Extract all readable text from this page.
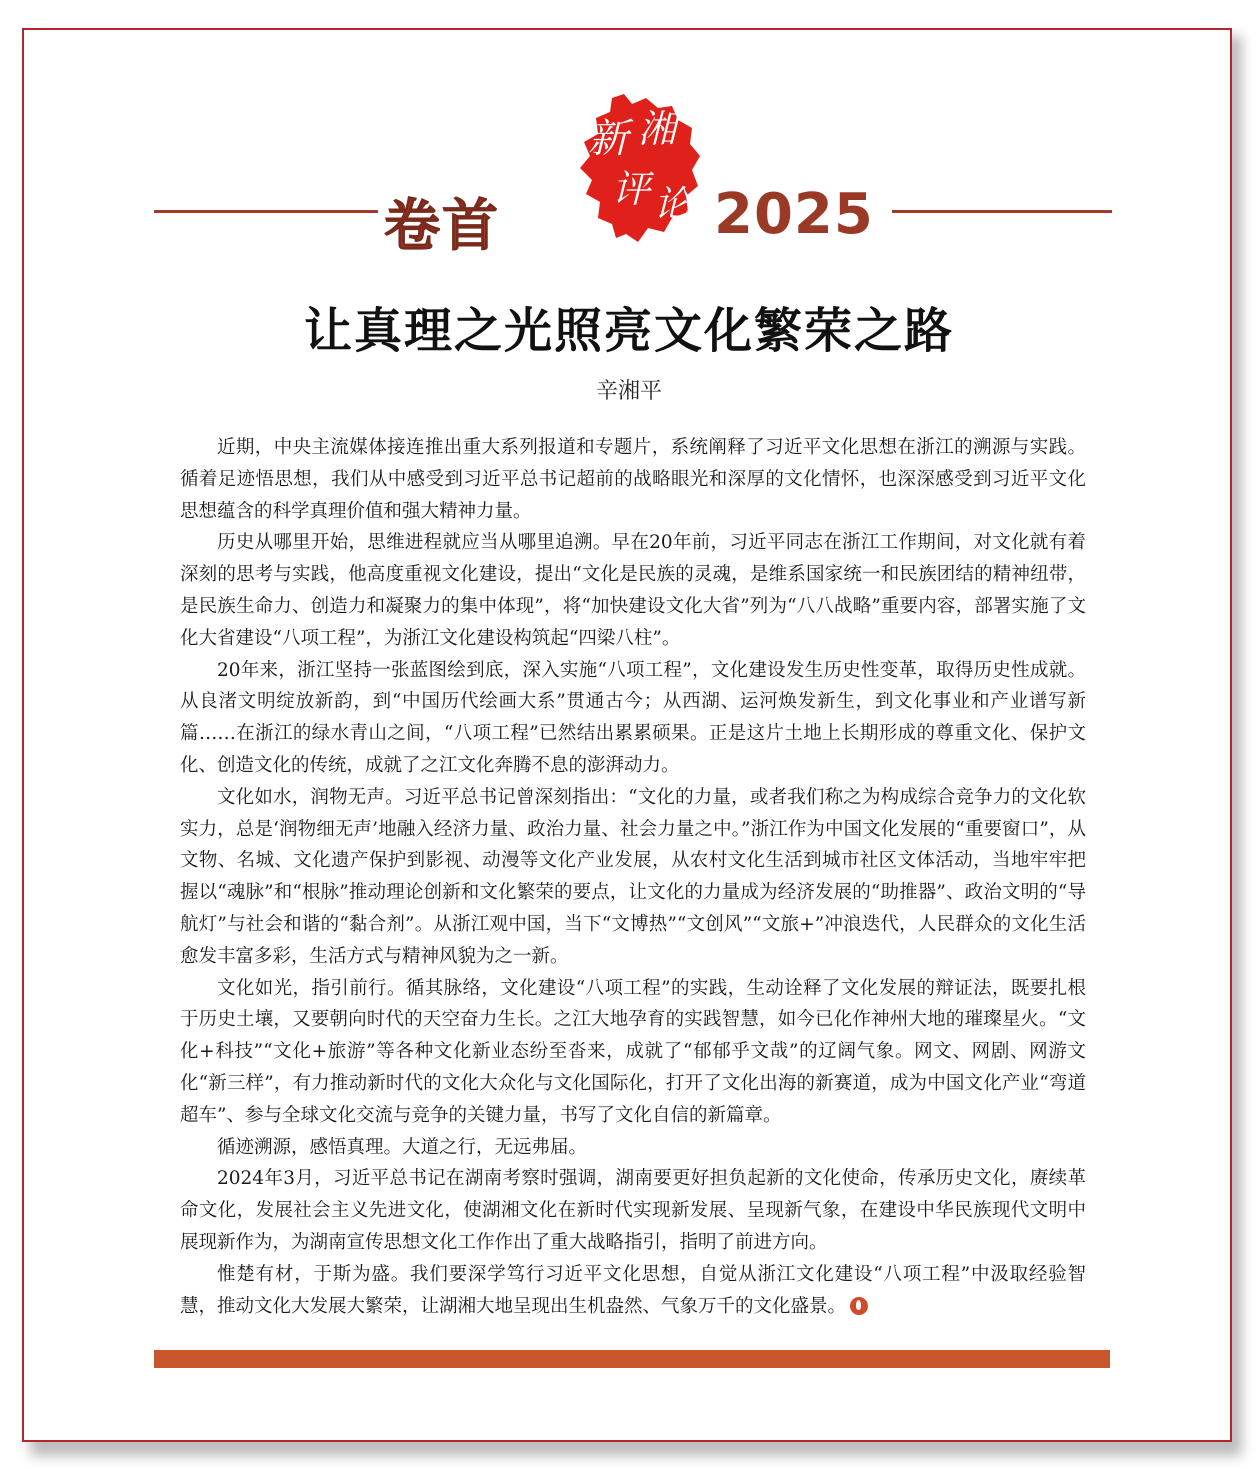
卷首
新 湘
评 论 2025
让真理之光照亮文化繁荣之路
辛湘平

近期，中央主流媒体接连推出重大系列报道和专题片，系统阐释了习近平文化思想在浙江的溯源与实践。循着足迹悟思想，我们从中感受到习近平总书记超前的战略眼光和深厚的文化情怀，也深深感受到习近平文化思想蕴含的科学真理价值和强大精神力量。

历史从哪里开始，思维进程就应当从哪里追溯。早在20年前，习近平同志在浙江工作期间，对文化就有着深刻的思考与实践，他高度重视文化建设，提出“文化是民族的灵魂，是维系国家统一和民族团结的精神纽带，是民族生命力、创造力和凝聚力的集中体现”，将“加快建设文化大省”列为“八八战略”重要内容，部署实施了文化大省建设“八项工程”，为浙江文化建设构筑起“四梁八柱”。

20年来，浙江坚持一张蓝图绘到底，深入实施“八项工程”，文化建设发生历史性变革，取得历史性成就。从良渚文明绽放新韵，到“中国历代绘画大系”贯通古今；从西湖、运河焕发新生，到文化事业和产业谱写新篇……在浙江的绿水青山之间，“八项工程”已然结出累累硕果。正是这片土地上长期形成的尊重文化、保护文化、创造文化的传统，成就了之江文化奔腾不息的澎湃动力。

文化如水，润物无声。习近平总书记曾深刻指出：“文化的力量，或者我们称之为构成综合竞争力的文化软实力，总是‘润物细无声’地融入经济力量、政治力量、社会力量之中。”浙江作为中国文化发展的“重要窗口”，从文物、名城、文化遗产保护到影视、动漫等文化产业发展，从农村文化生活到城市社区文体活动，当地牢牢把握以“魂脉”和“根脉”推动理论创新和文化繁荣的要点，让文化的力量成为经济发展的“助推器”、政治文明的“导航灯”与社会和谐的“黏合剂”。从浙江观中国，当下“文博热”“文创风”“文旅+”冲浪迭代，人民群众的文化生活愈发丰富多彩，生活方式与精神风貌为之一新。

文化如光，指引前行。循其脉络，文化建设“八项工程”的实践，生动诠释了文化发展的辩证法，既要扎根于历史土壤，又要朝向时代的天空奋力生长。之江大地孕育的实践智慧，如今已化作神州大地的璀璨星火。“文化+科技”“文化+旅游”等各种文化新业态纷至沓来，成就了“郁郁乎文哉”的辽阔气象。网文、网剧、网游文化“新三样”，有力推动新时代的文化大众化与文化国际化，打开了文化出海的新赛道，成为中国文化产业“弯道超车”、参与全球文化交流与竞争的关键力量，书写了文化自信的新篇章。

循迹溯源，感悟真理。大道之行，无远弗届。

2024年3月，习近平总书记在湖南考察时强调，湖南要更好担负起新的文化使命，传承历史文化，赓续革命文化，发展社会主义先进文化，使湖湘文化在新时代实现新发展、呈现新气象，在建设中华民族现代文明中展现新作为，为湖南宣传思想文化工作作出了重大战略指引，指明了前进方向。

惟楚有材，于斯为盛。我们要深学笃行习近平文化思想，自觉从浙江文化建设“八项工程”中汲取经验智慧，推动文化大发展大繁荣，让湖湘大地呈现出生机盎然、气象万千的文化盛景。
